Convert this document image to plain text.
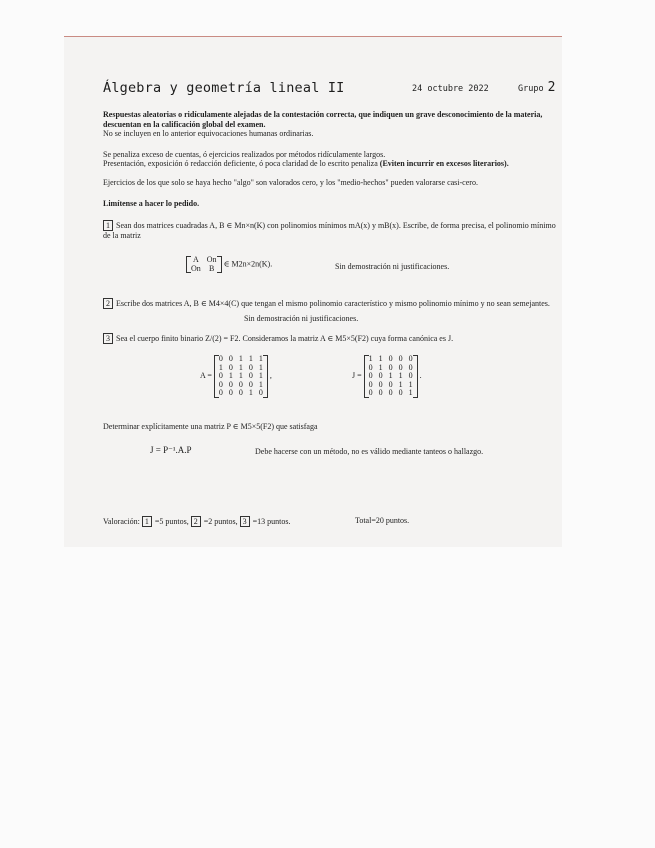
Álgebra y geometría lineal II	24 octubre 2022	Grupo 2
Respuestas aleatorias o ridículamente alejadas de la contestación correcta, que indiquen un grave desconocimiento de la materia, descuentan en la calificación global del examen.
No se incluyen en lo anterior equivocaciones humanas ordinarias.
Se penaliza exceso de cuentas, ó ejercicios realizados por métodos ridículamente largos.
Presentación, exposición ó redacción deficiente, ó poca claridad de lo escrito penaliza (Eviten incurrir en excesos literarios).
Ejercicios de los que solo se haya hecho "algo" son valorados cero, y los "medio-hechos" pueden valorarse casi-cero.
Limítense a hacer lo pedido.
1 Sean dos matrices cuadradas A, B ∈ Mn×n(K) con polinomios mínimos mA(x) y mB(x). Escribe, de forma precisa, el polinomio mínimo de la matriz
A On
On B ∈ M2n×2n(K).	Sin demostración ni justificaciones.
2 Escribe dos matrices A, B ∈ M4×4(C) que tengan el mismo polinomio característico y mismo polinomio mínimo y no sean semejantes.
Sin demostración ni justificaciones.
3 Sea el cuerpo finito binario Z/(2) = F2. Consideramos la matriz A ∈ M5×5(F2) cuya forma canónica es J.
A =
0 0 1 1 1
1 0 1 0 1
0 1 1 0 1
0 0 0 0 1
0 0 0 1 0
,	J =
1 1 0 0 0
0 1 0 0 0
0 0 1 1 0
0 0 0 1 1
0 0 0 0 1
.
Determinar explícitamente una matriz P ∈ M5×5(F2) que satisfaga
J = P⁻¹.A.P	Debe hacerse con un método, no es válido mediante tanteos o hallazgo.
Valoración: 1 =5 puntos, 2 =2 puntos, 3 =13 puntos.	Total=20 puntos.
